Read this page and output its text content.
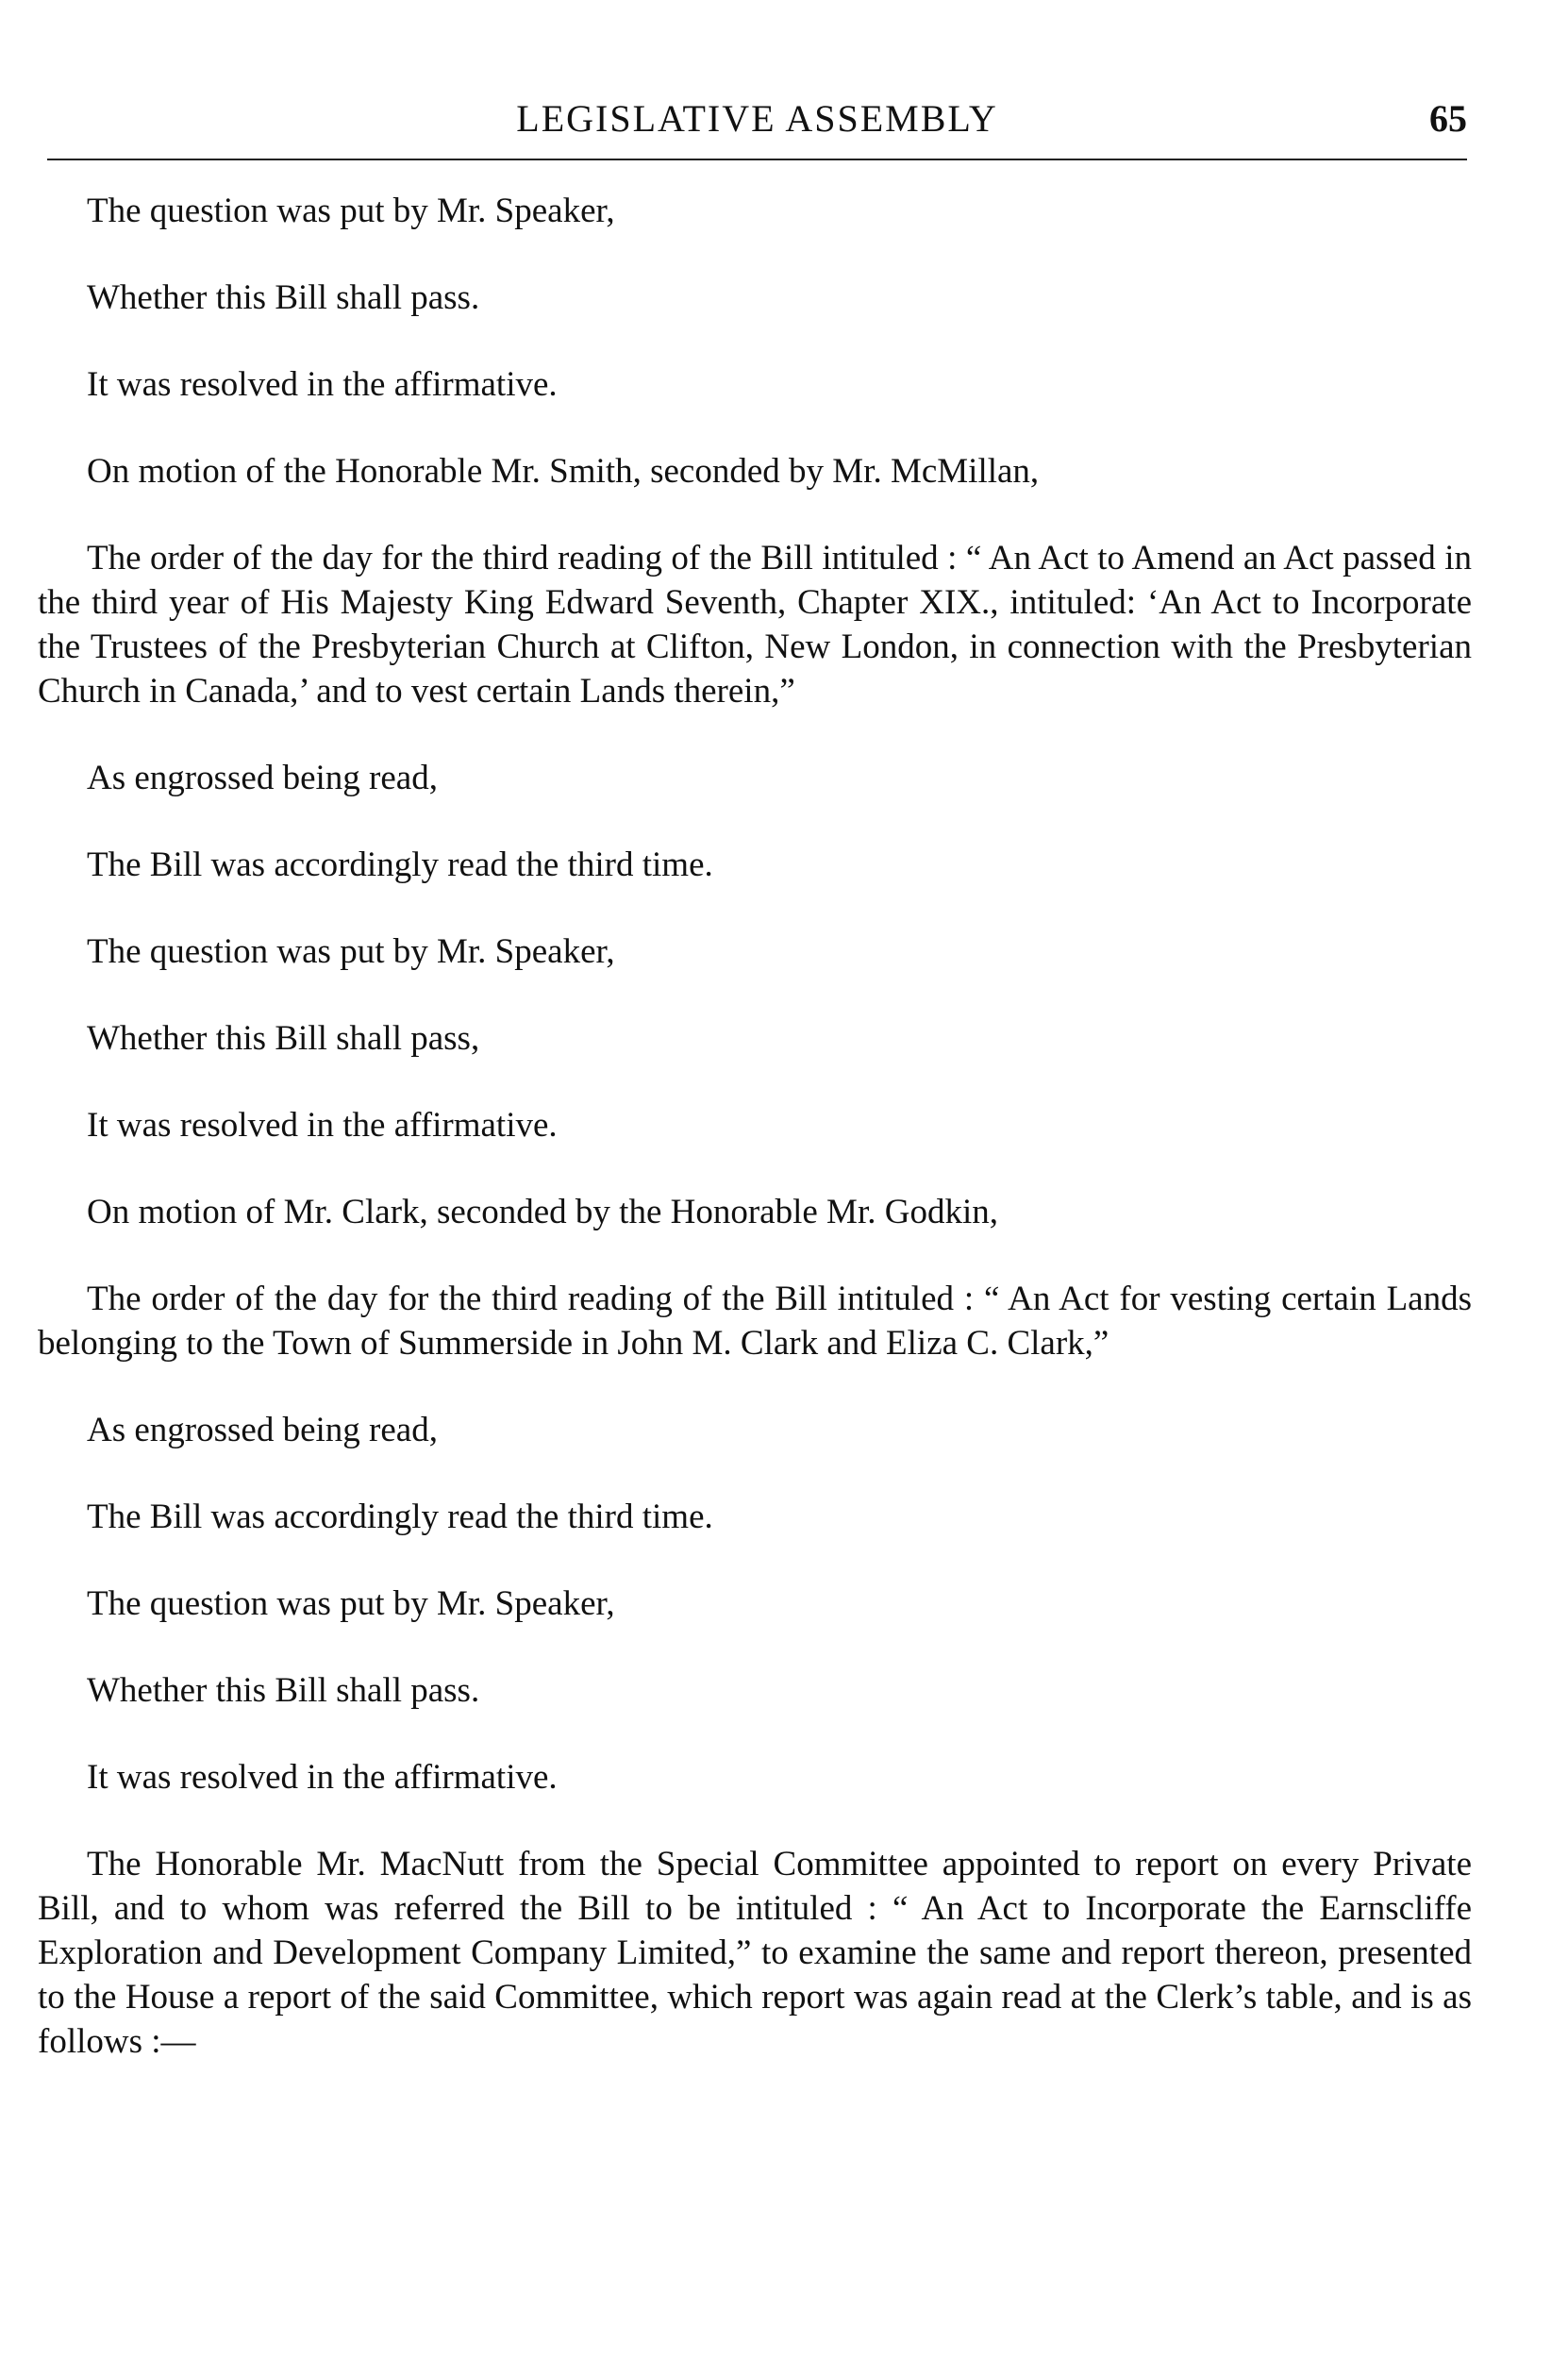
LEGISLATIVE ASSEMBLY	65

The question was put by Mr. Speaker,

Whether this Bill shall pass.

It was resolved in the affirmative.

On motion of the Honorable Mr. Smith, seconded by Mr. McMillan,

The order of the day for the third reading of the Bill intituled : “ An Act to Amend an Act passed in the third year of His Majesty King Edward Seventh, Chapter XIX., intituled: ‘An Act to Incorporate the Trustees of the Presbyterian Church at Clifton, New London, in connection with the Presbyterian Church in Canada,’ and to vest certain Lands therein,”

As engrossed being read,

The Bill was accordingly read the third time.

The question was put by Mr. Speaker,

Whether this Bill shall pass,

It was resolved in the affirmative.

On motion of Mr. Clark, seconded by the Honorable Mr. Godkin,

The order of the day for the third reading of the Bill intituled : “ An Act for vesting certain Lands belonging to the Town of Summerside in John M. Clark and Eliza C. Clark,”

As engrossed being read,

The Bill was accordingly read the third time.

The question was put by Mr. Speaker,

Whether this Bill shall pass.

It was resolved in the affirmative.

The Honorable Mr. MacNutt from the Special Committee appointed to report on every Private Bill, and to whom was referred the Bill to be intituled : “ An Act to Incorporate the Earnscliffe Exploration and Development Company Limited,” to examine the same and report thereon, presented to the House a report of the said Committee, which report was again read at the Clerk’s table, and is as follows :—
